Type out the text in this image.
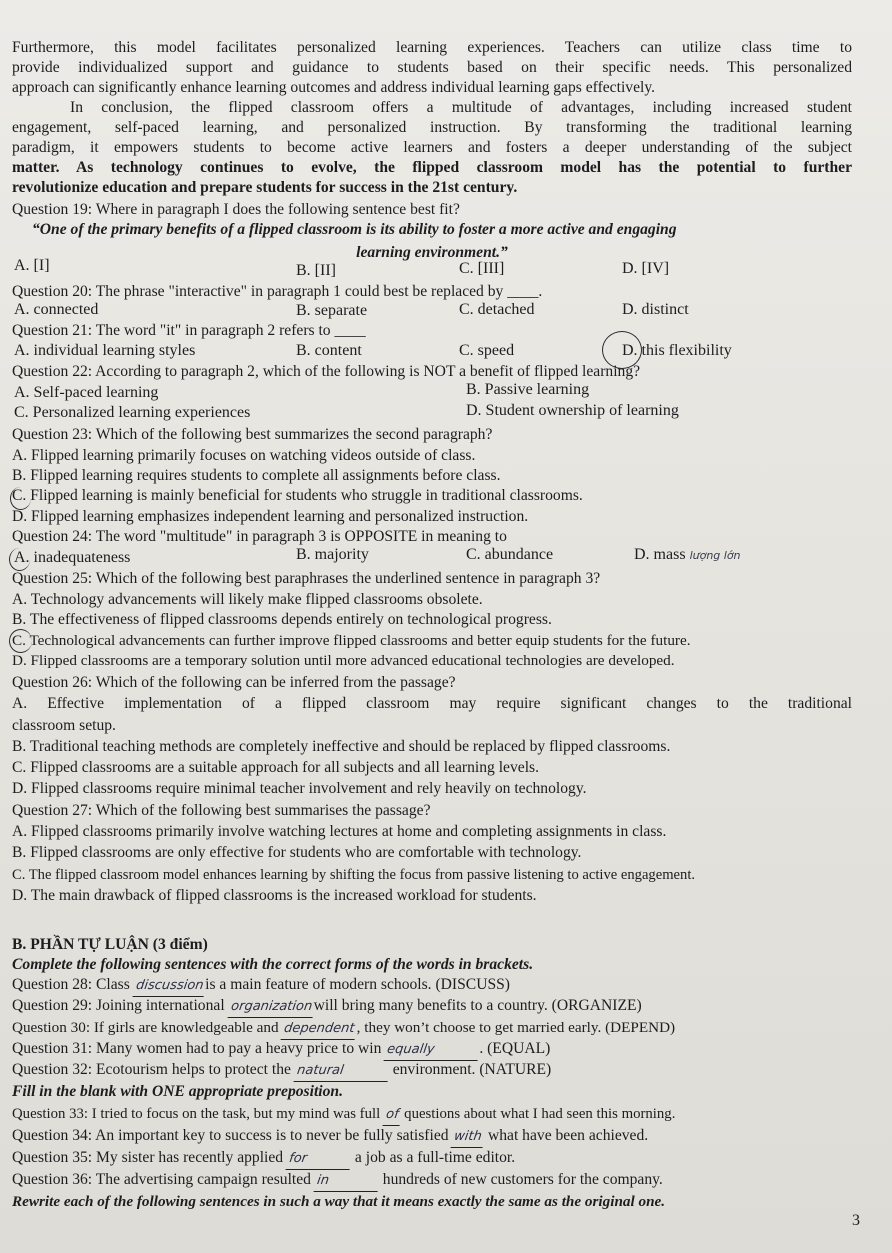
Furthermore, this model facilitates personalized learning experiences. Teachers can utilize class time to
provide individualized support and guidance to students based on their specific needs. This personalized
approach can significantly enhance learning outcomes and address individual learning gaps effectively.
In conclusion, the flipped classroom offers a multitude of advantages, including increased student
engagement, self-paced learning, and personalized instruction. By transforming the traditional learning
paradigm, it empowers students to become active learners and fosters a deeper understanding of the subject
matter. As technology continues to evolve, the flipped classroom model has the potential to further
revolutionize education and prepare students for success in the 21st century.
Question 19: Where in paragraph I does the following sentence best fit?
“One of the primary benefits of a flipped classroom is its ability to foster a more active and engaging
learning environment.”
A. [I]	B. [II]	C. [III]	D. [IV]
Question 20: The phrase "interactive" in paragraph 1 could best be replaced by ____.
A. connected	B. separate	C. detached	D. distinct
Question 21: The word "it" in paragraph 2 refers to ____
A. individual learning styles	B. content	C. speed	D. this flexibility
Question 22: According to paragraph 2, which of the following is NOT a benefit of flipped learning?
A. Self-paced learning	B. Passive learning
C. Personalized learning experiences	D. Student ownership of learning
Question 23: Which of the following best summarizes the second paragraph?
A. Flipped learning primarily focuses on watching videos outside of class.
B. Flipped learning requires students to complete all assignments before class.
C. Flipped learning is mainly beneficial for students who struggle in traditional classrooms.
D. Flipped learning emphasizes independent learning and personalized instruction.
Question 24: The word "multitude" in paragraph 3 is OPPOSITE in meaning to
A. inadequateness	B. majority	C. abundance	D. mass lượng lớn
Question 25: Which of the following best paraphrases the underlined sentence in paragraph 3?
A. Technology advancements will likely make flipped classrooms obsolete.
B. The effectiveness of flipped classrooms depends entirely on technological progress.
C. Technological advancements can further improve flipped classrooms and better equip students for the future.
D. Flipped classrooms are a temporary solution until more advanced educational technologies are developed.
Question 26: Which of the following can be inferred from the passage?
A. Effective implementation of a flipped classroom may require significant changes to the traditional
classroom setup.
B. Traditional teaching methods are completely ineffective and should be replaced by flipped classrooms.
C. Flipped classrooms are a suitable approach for all subjects and all learning levels.
D. Flipped classrooms require minimal teacher involvement and rely heavily on technology.
Question 27: Which of the following best summarises the passage?
A. Flipped classrooms primarily involve watching lectures at home and completing assignments in class.
B. Flipped classrooms are only effective for students who are comfortable with technology.
C. The flipped classroom model enhances learning by shifting the focus from passive listening to active engagement.
D. The main drawback of flipped classrooms is the increased workload for students.
B. PHẦN TỰ LUẬN (3 điểm)
Complete the following sentences with the correct forms of the words in brackets.
Question 28: Class discussionis a main feature of modern schools. (DISCUSS)
Question 29: Joining international organizationwill bring many benefits to a country. (ORGANIZE)
Question 30: If girls are knowledgeable and dependent, they won’t choose to get married early. (DEPEND)
Question 31: Many women had to pay a heavy price to win equally	. (EQUAL)
Question 32: Ecotourism helps to protect the natural	environment. (NATURE)
Fill in the blank with ONE appropriate preposition.
Question 33: I tried to focus on the task, but my mind was full of questions about what I had seen this morning.
Question 34: An important key to success is to never be fully satisfied with what have been achieved.
Question 35: My sister has recently applied for	a job as a full-time editor.
Question 36: The advertising campaign resulted in	hundreds of new customers for the company.
Rewrite each of the following sentences in such a way that it means exactly the same as the original one.
3
